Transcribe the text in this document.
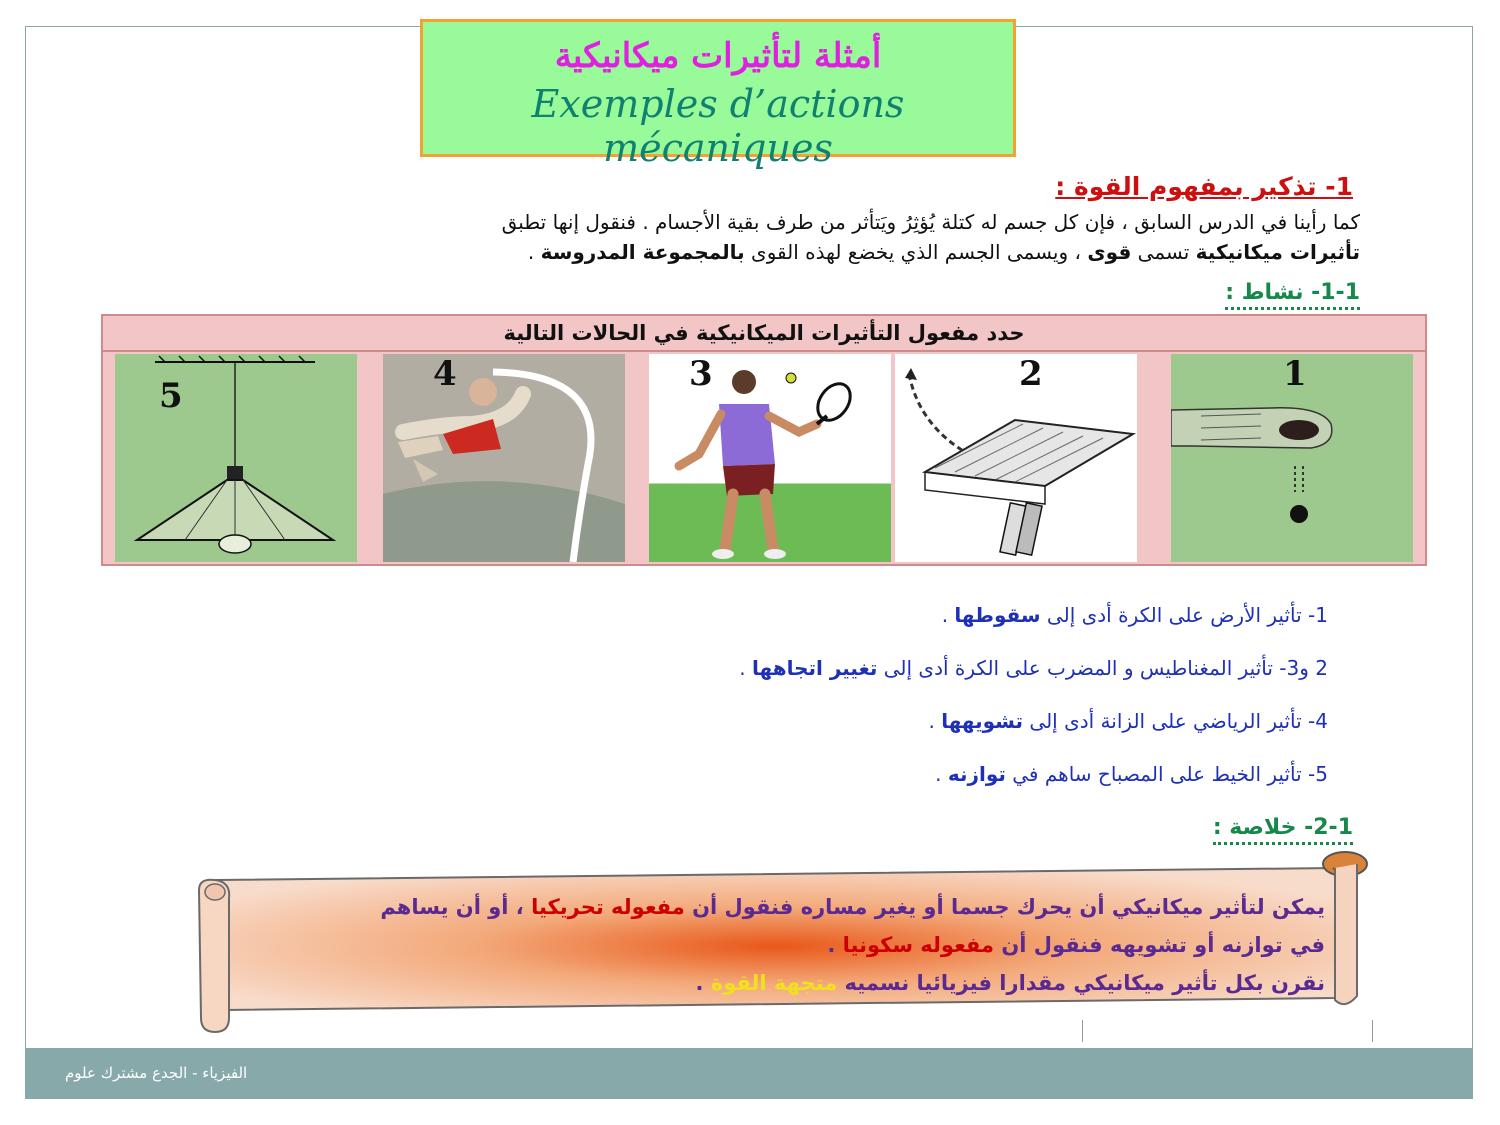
أمثلة لتأثيرات ميكانيكية
Exemples d’actions mécaniques
1- تذكير بمفهوم القوة :
كما رأينا في الدرس السابق ، فإن كل جسم له كتلة يُؤثِرُ ويَتأثر من طرف بقية الأجسام . فنقول إنها تطبق
تأثيرات ميكانيكية تسمى قوى ، ويسمى الجسم الذي يخضع لهذه القوى بالمجموعة المدروسة .
1-1- نشاط :
حدد مفعول التأثيرات الميكانيكية في الحالات التالية
5
4	3	2	1
1- تأثير الأرض على الكرة أدى إلى سقوطها .
2 و3- تأثير المغناطيس و المضرب على الكرة أدى إلى تغيير اتجاهها .
4- تأثير الرياضي على الزانة أدى إلى تشويهها .
5- تأثير الخيط على المصباح ساهم في توازنه .
2-1- خلاصة :
يمكن لتأثير ميكانيكي أن يحرك جسما أو يغير مساره فنقول أن مفعوله تحريكيا ، أو أن يساهم
في توازنه أو تشويهه فنقول أن مفعوله سكونيا .
نقرن بكل تأثير ميكانيكي مقدارا فيزيائيا نسميه متجهة القوة .
الفيزياء - الجدع مشترك علوم
